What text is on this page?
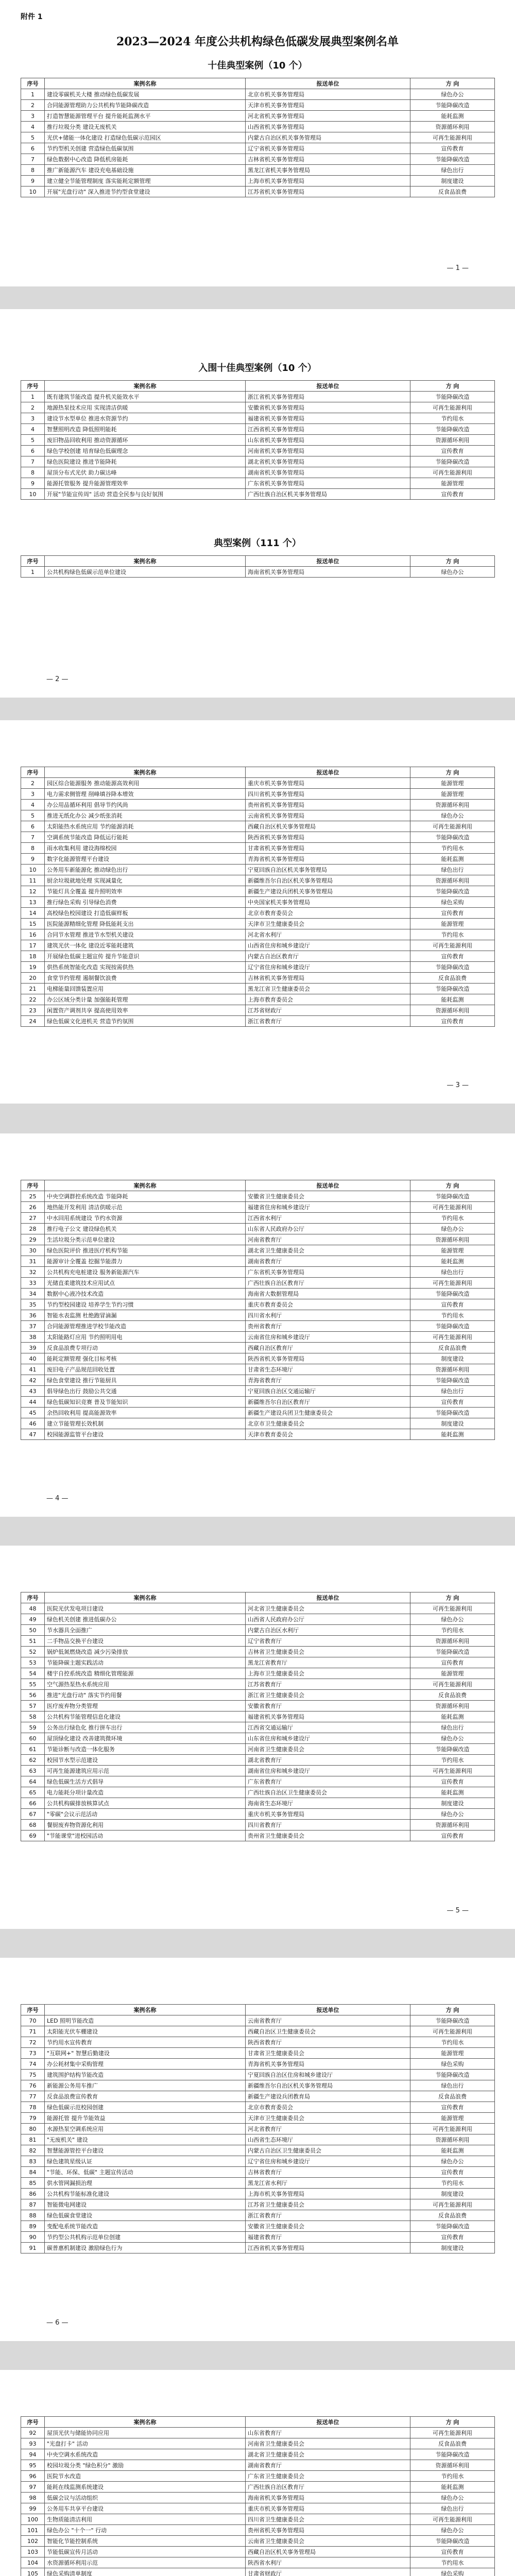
附件 1
2023—2024 年度公共机构绿色低碳发展典型案例名单
十佳典型案例（10 个）
序号	案例名称	报送单位	方 向
1	建设零碳机关大楼 推动绿色低碳发展	北京市机关事务管理局	绿色办公
2	合同能源管理助力公共机构节能降碳改造	天津市机关事务管理局	节能降碳改造
3	打造智慧能源管理平台 提升能耗监测水平	河北省机关事务管理局	能耗监测
4	推行垃圾分类 建设无废机关	山西省机关事务管理局	资源循环利用
5	光伏+储能一体化建设 打造绿色低碳示范园区	内蒙古自治区机关事务管理局	可再生能源利用
6	节约型机关创建 营造绿色低碳氛围	辽宁省机关事务管理局	宣传教育
7	绿色数据中心改造 降低机房能耗	吉林省机关事务管理局	节能降碳改造
8	推广新能源汽车 建设充电基础设施	黑龙江省机关事务管理局	绿色出行
9	建立健全节能管理制度 落实能耗定额管理	上海市机关事务管理局	制度建设
10	开展"光盘行动" 深入推进节约型食堂建设	江苏省机关事务管理局	反食品浪费
— 1 —
入围十佳典型案例（10 个）
序号	案例名称	报送单位	方 向
1	既有建筑节能改造 提升机关能效水平	浙江省机关事务管理局	节能降碳改造
2	地源热泵技术应用 实现清洁供暖	安徽省机关事务管理局	可再生能源利用
3	建设节水型单位 推进水资源节约	福建省机关事务管理局	节约用水
4	智慧照明改造 降低照明能耗	江西省机关事务管理局	节能降碳改造
5	废旧物品回收利用 推动资源循环	山东省机关事务管理局	资源循环利用
6	绿色学校创建 培育绿色低碳理念	河南省机关事务管理局	宣传教育
7	绿色医院建设 推进节能降耗	湖北省机关事务管理局	节能降碳改造
8	屋顶分布式光伏 助力碳达峰	湖南省机关事务管理局	可再生能源利用
9	能源托管服务 提升能源管理效率	广东省机关事务管理局	能源管理
10	开展"节能宣传周" 活动 营造全民参与良好氛围	广西壮族自治区机关事务管理局	宣传教育
典型案例（111 个）
序号	案例名称	报送单位	方 向
1	公共机构绿色低碳示范单位建设	海南省机关事务管理局	绿色办公
— 2 —
序号	案例名称	报送单位	方 向
2	园区综合能源服务 推动能源高效利用	重庆市机关事务管理局	能源管理
3	电力需求侧管理 削峰填谷降本增效	四川省机关事务管理局	能源管理
4	办公用品循环利用 倡导节约风尚	贵州省机关事务管理局	资源循环利用
5	推进无纸化办公 减少纸张消耗	云南省机关事务管理局	绿色办公
6	太阳能热水系统应用 节约能源消耗	西藏自治区机关事务管理局	可再生能源利用
7	空调系统节能改造 降低运行能耗	陕西省机关事务管理局	节能降碳改造
8	雨水收集利用 建设海绵校园	甘肃省机关事务管理局	节约用水
9	数字化能源管理平台建设	青海省机关事务管理局	能耗监测
10	公务用车新能源化 推动绿色出行	宁夏回族自治区机关事务管理局	绿色出行
11	厨余垃圾就地处理 实现减量化	新疆维吾尔自治区机关事务管理局	资源循环利用
12	节能灯具全覆盖 提升照明效率	新疆生产建设兵团机关事务管理局	节能降碳改造
13	推行绿色采购 引导绿色消费	中央国家机关事务管理局	绿色采购
14	高校绿色校园建设 打造低碳样板	北京市教育委员会	宣传教育
15	医院能源精细化管理 降低能耗支出	天津市卫生健康委员会	能源管理
16	合同节水管理 推进节水型机关建设	河北省水利厅	节约用水
17	建筑光伏一体化 建设近零能耗建筑	山西省住房和城乡建设厅	可再生能源利用
18	开展绿色低碳主题宣传 提升节能意识	内蒙古自治区教育厅	宣传教育
19	供热系统智能化改造 实现按需供热	辽宁省住房和城乡建设厅	节能降碳改造
20	食堂节约管理 遏制餐饮浪费	吉林省机关事务管理局	反食品浪费
21	电梯能量回馈装置应用	黑龙江省卫生健康委员会	节能降碳改造
22	办公区域分类计量 加强能耗管理	上海市教育委员会	能耗监测
23	闲置资产调剂共享 提高使用效率	江苏省财政厅	资源循环利用
24	绿色低碳文化进机关 营造节约氛围	浙江省教育厅	宣传教育
— 3 —
序号	案例名称	报送单位	方 向
25	中央空调群控系统改造 节能降耗	安徽省卫生健康委员会	节能降碳改造
26	地热能开发利用 清洁供暖示范	福建省住房和城乡建设厅	可再生能源利用
27	中水回用系统建设 节约水资源	江西省水利厅	节约用水
28	推行电子公文 建设绿色机关	山东省人民政府办公厅	绿色办公
29	生活垃圾分类示范单位建设	河南省教育厅	资源循环利用
30	绿色医院评价 推进医疗机构节能	湖北省卫生健康委员会	能源管理
31	能源审计全覆盖 挖掘节能潜力	湖南省教育厅	能耗监测
32	公共机构充电桩建设 服务新能源汽车	广东省机关事务管理局	绿色出行
33	光储直柔建筑技术应用试点	广西壮族自治区教育厅	可再生能源利用
34	数据中心液冷技术改造	海南省大数据管理局	节能降碳改造
35	节约型校园建设 培养学生节约习惯	重庆市教育委员会	宣传教育
36	智能水表监测 杜绝跑冒滴漏	四川省水利厅	节约用水
37	合同能源管理推进学校节能改造	贵州省教育厅	节能降碳改造
38	太阳能路灯应用 节约照明用电	云南省住房和城乡建设厅	可再生能源利用
39	反食品浪费专项行动	西藏自治区教育厅	反食品浪费
40	能耗定额管理 强化目标考核	陕西省机关事务管理局	制度建设
41	废旧电子产品规范回收处置	甘肃省生态环境厅	资源循环利用
42	绿色食堂建设 推行节能厨具	青海省教育厅	节能降碳改造
43	倡导绿色出行 鼓励公共交通	宁夏回族自治区交通运输厅	绿色出行
44	绿色低碳知识竞赛 普及节能知识	新疆维吾尔自治区教育厅	宣传教育
45	余热回收利用 提高能源效率	新疆生产建设兵团卫生健康委员会	节能降碳改造
46	建立节能管理长效机制	北京市卫生健康委员会	制度建设
47	校园能源监管平台建设	天津市教育委员会	能耗监测
— 4 —
序号	案例名称	报送单位	方 向
48	医院光伏发电项目建设	河北省卫生健康委员会	可再生能源利用
49	绿色机关创建 推进低碳办公	山西省人民政府办公厅	绿色办公
50	节水器具全面推广	内蒙古自治区水利厅	节约用水
51	二手物品交换平台建设	辽宁省教育厅	资源循环利用
52	锅炉低氮燃烧改造 减少污染排放	吉林省卫生健康委员会	节能降碳改造
53	节能降碳主题实践活动	黑龙江省教育厅	宣传教育
54	楼宇自控系统改造 精细化管理能源	上海市卫生健康委员会	能源管理
55	空气源热泵热水系统应用	江苏省教育厅	可再生能源利用
56	推进"光盘行动" 落实节约用餐	浙江省卫生健康委员会	反食品浪费
57	医疗废弃物分类管理	安徽省教育厅	资源循环利用
58	公共机构节能管理信息化建设	福建省机关事务管理局	能耗监测
59	公务出行绿色化 推行拼车出行	江西省交通运输厅	绿色出行
60	屋顶绿化建设 改善建筑微环境	山东省住房和城乡建设厅	绿色办公
61	节能诊断与改造一体化服务	河南省卫生健康委员会	节能降碳改造
62	校园节水型示范建设	湖北省教育厅	节约用水
63	可再生能源建筑应用示范	湖南省住房和城乡建设厅	可再生能源利用
64	绿色低碳生活方式倡导	广东省教育厅	宣传教育
65	电力能耗分项计量改造	广西壮族自治区卫生健康委员会	能耗监测
66	公共机构碳排放核算试点	海南省生态环境厅	制度建设
67	"零碳"会议示范活动	重庆市机关事务管理局	绿色办公
68	餐厨废弃物资源化利用	四川省教育厅	资源循环利用
69	"节能课堂"进校园活动	贵州省卫生健康委员会	宣传教育
— 5 —
序号	案例名称	报送单位	方 向
70	LED 照明节能改造	云南省教育厅	节能降碳改造
71	太阳能光伏车棚建设	西藏自治区卫生健康委员会	可再生能源利用
72	节约用水宣传教育	陕西省教育厅	节约用水
73	"互联网+" 智慧后勤建设	甘肃省卫生健康委员会	能源管理
74	办公耗材集中采购管理	青海省机关事务管理局	绿色采购
75	建筑围护结构节能改造	宁夏回族自治区住房和城乡建设厅	节能降碳改造
76	新能源公务用车推广	新疆维吾尔自治区机关事务管理局	绿色出行
77	反食品浪费宣传教育	新疆生产建设兵团教育局	反食品浪费
78	绿色低碳示范校园创建	北京市教育委员会	宣传教育
79	能源托管 提升节能效益	天津市卫生健康委员会	能源管理
80	水源热泵空调系统应用	河北省教育厅	可再生能源利用
81	"无废机关" 建设	山西省生态环境厅	资源循环利用
82	智慧能源管控平台建设	内蒙古自治区卫生健康委员会	能耗监测
83	绿色建筑星级认证	辽宁省住房和城乡建设厅	绿色办公
84	"节能、环保、低碳" 主题宣传活动	吉林省教育厅	宣传教育
85	供水管网漏损治理	黑龙江省水利厅	节约用水
86	公共机构节能标准化建设	上海市机关事务管理局	制度建设
87	智能微电网建设	江苏省卫生健康委员会	可再生能源利用
88	绿色低碳食堂建设	浙江省教育厅	反食品浪费
89	变配电系统节能改造	安徽省卫生健康委员会	节能降碳改造
90	节约型公共机构示范单位创建	福建省教育厅	宣传教育
91	碳普惠机制建设 激励绿色行为	江西省机关事务管理局	制度建设
— 6 —
序号	案例名称	报送单位	方 向
92	屋顶光伏与储能协同应用	山东省教育厅	可再生能源利用
93	"光盘打卡" 活动	河南省卫生健康委员会	反食品浪费
94	中央空调水系统改造	湖北省卫生健康委员会	节能降碳改造
95	校园垃圾分类 "绿色积分" 激励	湖南省教育厅	资源循环利用
96	医院节水改造	广东省卫生健康委员会	节约用水
97	能耗在线监测系统建设	广西壮族自治区教育厅	能耗监测
98	低碳会议与活动组织	海南省机关事务管理局	绿色办公
99	公务用车共享平台建设	重庆市机关事务管理局	绿色出行
100	生物质能清洁利用	四川省卫生健康委员会	可再生能源利用
101	绿色办公 "十个一" 行动	贵州省机关事务管理局	绿色办公
102	智能化节能控制系统	云南省卫生健康委员会	节能降碳改造
103	节能低碳宣传月活动	西藏自治区机关事务管理局	宣传教育
104	水资源循环利用示范	陕西省水利厅	节约用水
105	绿色采购清单制度	甘肃省财政厅	绿色采购
